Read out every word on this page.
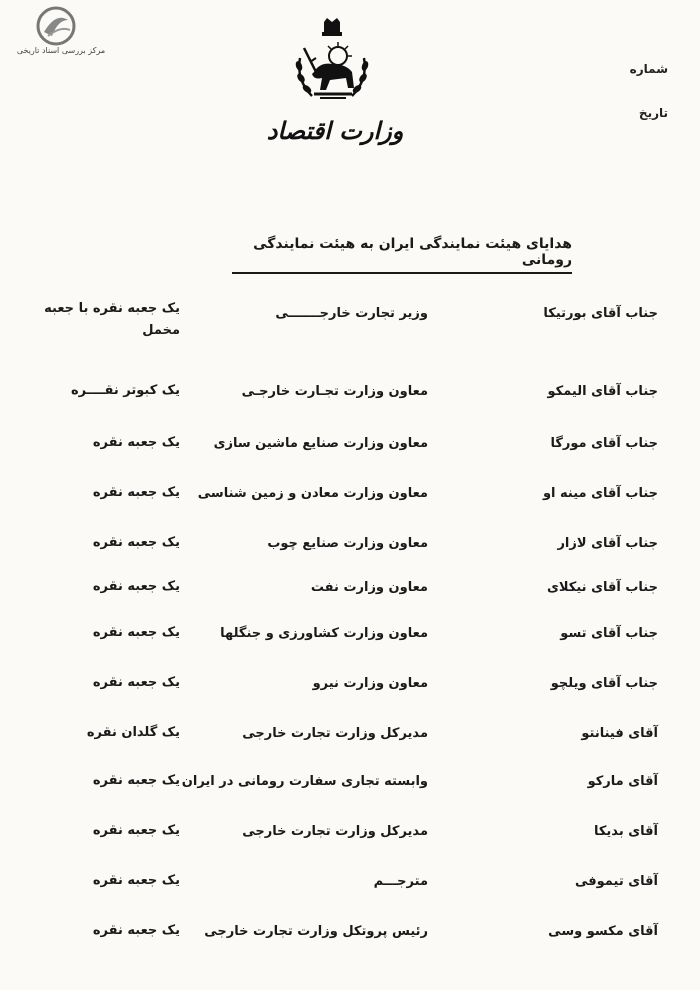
مرکز بررسی اسناد تاریخی
وزارت اقتصاد
شماره
تاریخ
هدایای هیئت نمایندگی ایران به هیئت نمایندگی رومانی
جناب آقای بورتیکا
وزیر تجارت خارجـــــــی
یک جعبه نقره با جعبه مخمل
جناب آقای الیمکو
معاون وزارت تجـارت خارجـی
یک کبوتر نقــــره
جناب آقای مورگا
معاون وزارت صنایع ماشین سازی
یک جعبه نقره
جناب آقای مینه او
معاون وزارت معادن و زمین شناسی
یک جعبه نقره
جناب آقای لازار
معاون وزارت صنایع چوب
یک جعبه نقره
جناب آقای نیکلای
معاون وزارت نفت
یک جعبه نقره
جناب آقای تسو
معاون وزارت کشاورزی و جنگلها
یک جعبه نقره
جناب آقای ویلچو
معاون وزارت نیرو
یک جعبه نقره
آقای فینانتو
مدیرکل وزارت تجارت خارجی
یک گلدان نقره
آقای مارکو
وابسته تجاری سفارت رومانی در ایران
یک جعبه نقره
آقای بدیکا
مدیرکل وزارت تجارت خارجی
یک جعبه نقره
آقای تیموفی
مترجـــم
یک جعبه نقره
آقای مکسو وسی
رئیس پروتکل وزارت تجارت خارجی
یک جعبه نقره
